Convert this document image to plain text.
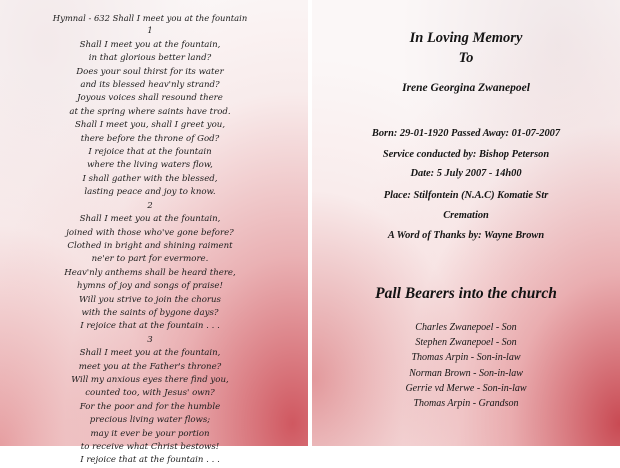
Hymnal - 632 Shall I meet you at the fountain
1
Shall I meet you at the fountain,
in that glorious better land?
Does your soul thirst for its water
and its blessed heav'nly strand?
Joyous voices shall resound there
at the spring where saints have trod.
Shall I meet you, shall I greet you,
there before the throne of God?
I rejoice that at the fountain
where the living waters flow,
I shall gather with the blessed,
lasting peace and joy to know.
2
Shall I meet you at the fountain,
joined with those who've gone before?
Clothed in bright and shining raiment
ne'er to part for evermore.
Heav'nly anthems shall be heard there,
hymns of joy and songs of praise!
Will you strive to join the chorus
with the saints of bygone days?
I rejoice that at the fountain . . .
3
Shall I meet you at the fountain,
meet you at the Father's throne?
Will my anxious eyes there find you,
counted too, with Jesus' own?
For the poor and for the humble
precious living water flows;
may it ever be your portion
to receive what Christ bestows!
I rejoice that at the fountain . . .
In Loving Memory
To
Irene Georgina Zwanepoel
Born: 29-01-1920 Passed Away: 01-07-2007
Service conducted by: Bishop Peterson
Date: 5 July 2007 - 14h00
Place: Stilfontein (N.A.C) Komatie Str
Cremation
A Word of Thanks by: Wayne Brown
Pall Bearers into the church
Charles Zwanepoel - Son
Stephen Zwanepoel - Son
Thomas Arpin - Son-in-law
Norman Brown - Son-in-law
Gerrie vd Merwe - Son-in-law
Thomas Arpin - Grandson
